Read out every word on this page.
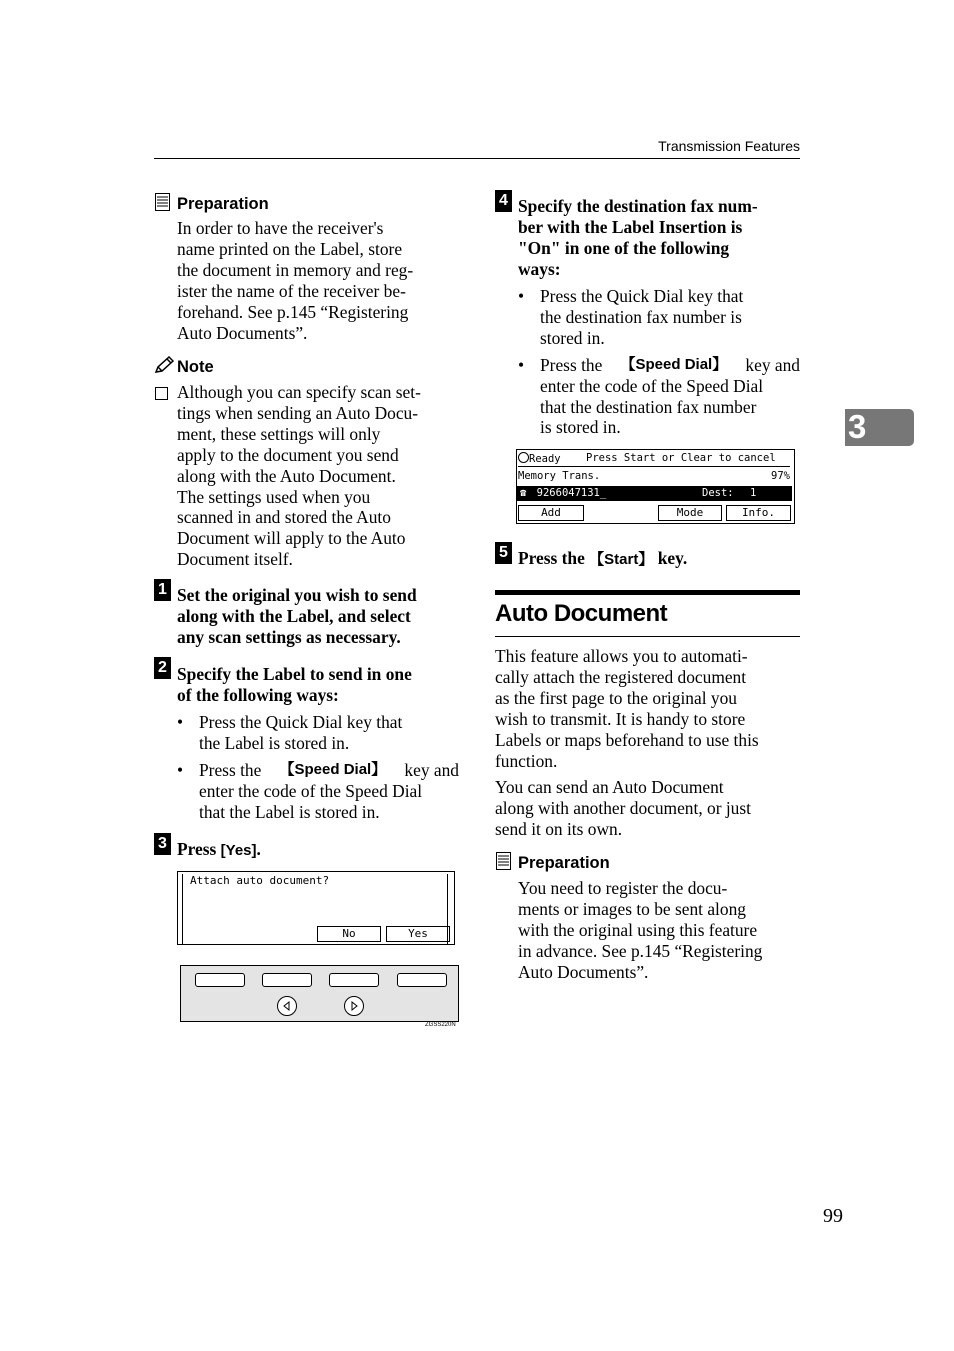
Transmission Features
3
Preparation
In order to have the receiver's
name printed on the Label, store
the document in memory and reg-
ister the name of the receiver be-
forehand. See p.145 “Registering
Auto Documents”.
Note
Although you can specify scan set-
tings when sending an Auto Docu-
ment, these settings will only
apply to the document you send
along with the Auto Document.
The settings used when you
scanned in and stored the Auto
Document will apply to the Auto
Document itself.
1 Set the original you wish to send
along with the Label, and select
any scan settings as necessary.
2 Specify the Label to send in one
of the following ways:
• Press the Quick Dial key that
the Label is stored in.
• Press the 【Speed Dial】 key and
enter the code of the Speed Dial
that the Label is stored in.
3 Press [Yes].
Attach auto document?
No	Yes
ZGSS220N
4 Specify the destination fax num-
ber with the Label Insertion is
"On" in one of the following
ways:
• Press the Quick Dial key that
the destination fax number is
stored in.
• Press the 【Speed Dial】 key and
enter the code of the Speed Dial
that the destination fax number
is stored in.
Ready Press Start or Clear to cancel
Memory Trans.	97%
☎ 9266047131_	Dest: 1
Add	Mode	Info.
5 Press the 【Start】 key.
Auto Document
This feature allows you to automati-
cally attach the registered document
as the first page to the original you
wish to transmit. It is handy to store
Labels or maps beforehand to use this
function.
You can send an Auto Document
along with another document, or just
send it on its own.
Preparation
You need to register the docu-
ments or images to be sent along
with the original using this feature
in advance. See p.145 “Registering
Auto Documents”.
99
